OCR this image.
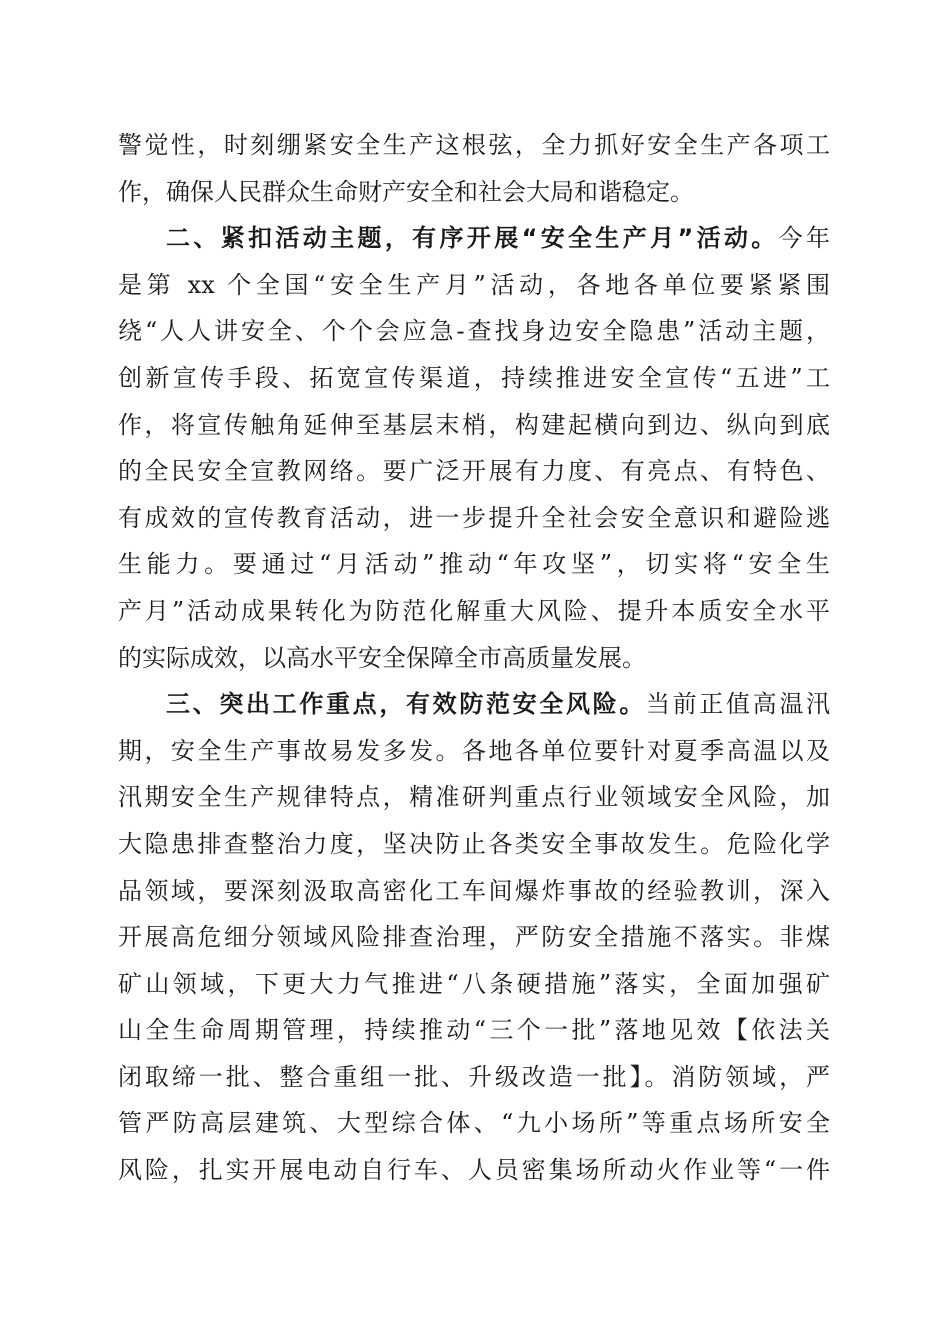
警觉性，时刻绷紧安全生产这根弦，全力抓好安全生产各项工
作，确保人民群众生命财产安全和社会大局和谐稳定。
二、紧扣活动主题，有序开展“安全生产月”活动。今年
是第 xx 个全国“安全生产月”活动，各地各单位要紧紧围
绕“人人讲安全、个个会应急-查找身边安全隐患”活动主题，
创新宣传手段、拓宽宣传渠道，持续推进安全宣传“五进”工
作，将宣传触角延伸至基层末梢，构建起横向到边、纵向到底
的全民安全宣教网络。要广泛开展有力度、有亮点、有特色、
有成效的宣传教育活动，进一步提升全社会安全意识和避险逃
生能力。要通过“月活动”推动“年攻坚”，切实将“安全生
产月”活动成果转化为防范化解重大风险、提升本质安全水平
的实际成效，以高水平安全保障全市高质量发展。
三、突出工作重点，有效防范安全风险。当前正值高温汛
期，安全生产事故易发多发。各地各单位要针对夏季高温以及
汛期安全生产规律特点，精准研判重点行业领域安全风险，加
大隐患排查整治力度，坚决防止各类安全事故发生。危险化学
品领域，要深刻汲取高密化工车间爆炸事故的经验教训，深入
开展高危细分领域风险排查治理，严防安全措施不落实。非煤
矿山领域，下更大力气推进“八条硬措施”落实，全面加强矿
山全生命周期管理，持续推动“三个一批”落地见效【依法关
闭取缔一批、整合重组一批、升级改造一批】。消防领域，严
管严防高层建筑、大型综合体、“九小场所”等重点场所安全
风险，扎实开展电动自行车、人员密集场所动火作业等“一件
